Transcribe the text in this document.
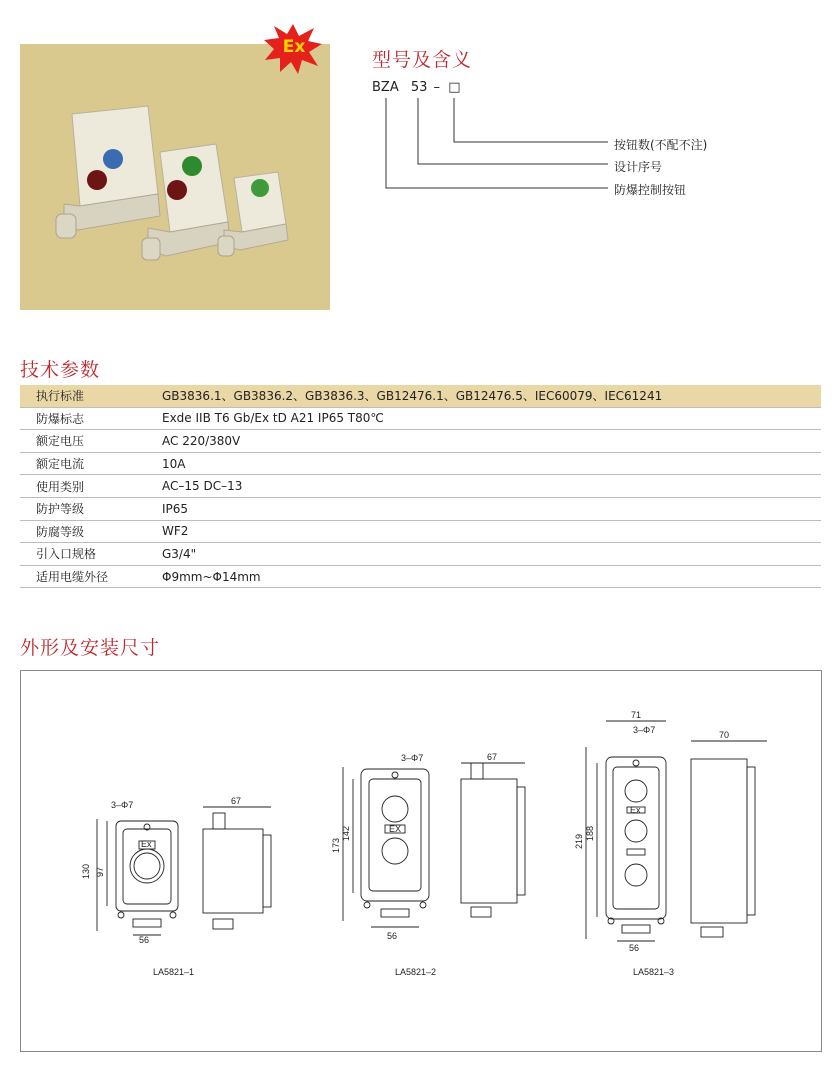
Ex
型号及含义
BZA 53 – □
按钮数(不配不注)
设计序号
防爆控制按钮
技术参数
执行标准	GB3836.1、GB3836.2、GB3836.3、GB12476.1、GB12476.5、IEC60079、IEC61241
防爆标志	Exde IIB T6 Gb/Ex tD A21 IP65 T80℃
额定电压	AC 220/380V
额定电流	10A
使用类别	AC–15 DC–13
防护等级	IP65
防腐等级	WF2
引入口规格	G3/4"
适用电缆外径	Φ9mm~Φ14mm
外形及安装尺寸
3–Φ7
130 97
56
67
Ex
LA5821–1
3–Φ7
173
142
56
67
EX
LA5821–2
3–Φ7
219
188
56
71
70
Ex
LA5821–3
